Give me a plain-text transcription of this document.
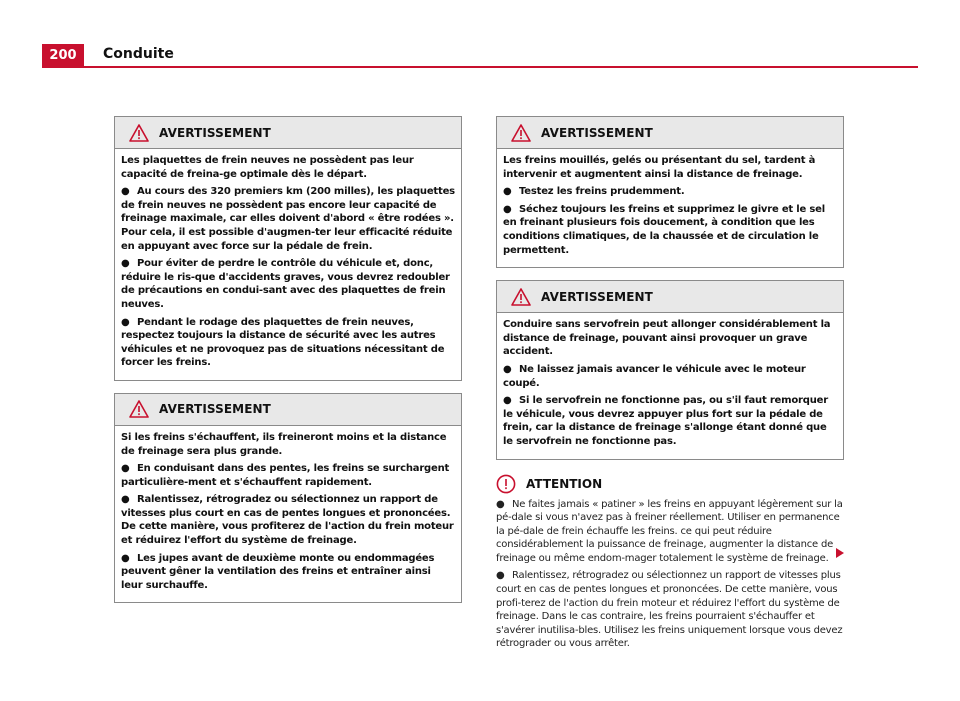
200	Conduite
AVERTISSEMENT

Les plaquettes de frein neuves ne possèdent pas leur capacité de freina-ge optimale dès le départ.

● Au cours des 320 premiers km (200 milles), les plaquettes de frein neuves ne possèdent pas encore leur capacité de freinage maximale, car elles doivent d'abord « être rodées ». Pour cela, il est possible d'augmen-ter leur efficacité réduite en appuyant avec force sur la pédale de frein.

● Pour éviter de perdre le contrôle du véhicule et, donc, réduire le ris-que d'accidents graves, vous devrez redoubler de précautions en condui-sant avec des plaquettes de frein neuves.

● Pendant le rodage des plaquettes de frein neuves, respectez toujours la distance de sécurité avec les autres véhicules et ne provoquez pas de situations nécessitant de forcer les freins.

AVERTISSEMENT

Si les freins s'échauffent, ils freineront moins et la distance de freinage sera plus grande.

● En conduisant dans des pentes, les freins se surchargent particulière-ment et s'échauffent rapidement.

● Ralentissez, rétrogradez ou sélectionnez un rapport de vitesses plus court en cas de pentes longues et prononcées. De cette manière, vous profiterez de l'action du frein moteur et réduirez l'effort du système de freinage.

● Les jupes avant de deuxième monte ou endommagées peuvent gêner la ventilation des freins et entraîner ainsi leur surchauffe.

AVERTISSEMENT

Les freins mouillés, gelés ou présentant du sel, tardent à intervenir et augmentent ainsi la distance de freinage.

● Testez les freins prudemment.

● Séchez toujours les freins et supprimez le givre et le sel en freinant plusieurs fois doucement, à condition que les conditions climatiques, de la chaussée et de circulation le permettent.

AVERTISSEMENT

Conduire sans servofrein peut allonger considérablement la distance de freinage, pouvant ainsi provoquer un grave accident.

● Ne laissez jamais avancer le véhicule avec le moteur coupé.

● Si le servofrein ne fonctionne pas, ou s'il faut remorquer le véhicule, vous devrez appuyer plus fort sur la pédale de frein, car la distance de freinage s'allonge étant donné que le servofrein ne fonctionne pas.

ATTENTION

● Ne faites jamais « patiner » les freins en appuyant légèrement sur la pé-dale si vous n'avez pas à freiner réellement. Utiliser en permanence la pé-dale de frein échauffe les freins. ce qui peut réduire considérablement la puissance de freinage, augmenter la distance de freinage ou même endom-mager totalement le système de freinage.

● Ralentissez, rétrogradez ou sélectionnez un rapport de vitesses plus court en cas de pentes longues et prononcées. De cette manière, vous profi-terez de l'action du frein moteur et réduirez l'effort du système de freinage. Dans le cas contraire, les freins pourraient s'échauffer et s'avérer inutilisa-bles. Utilisez les freins uniquement lorsque vous devez rétrograder ou vous arrêter.
